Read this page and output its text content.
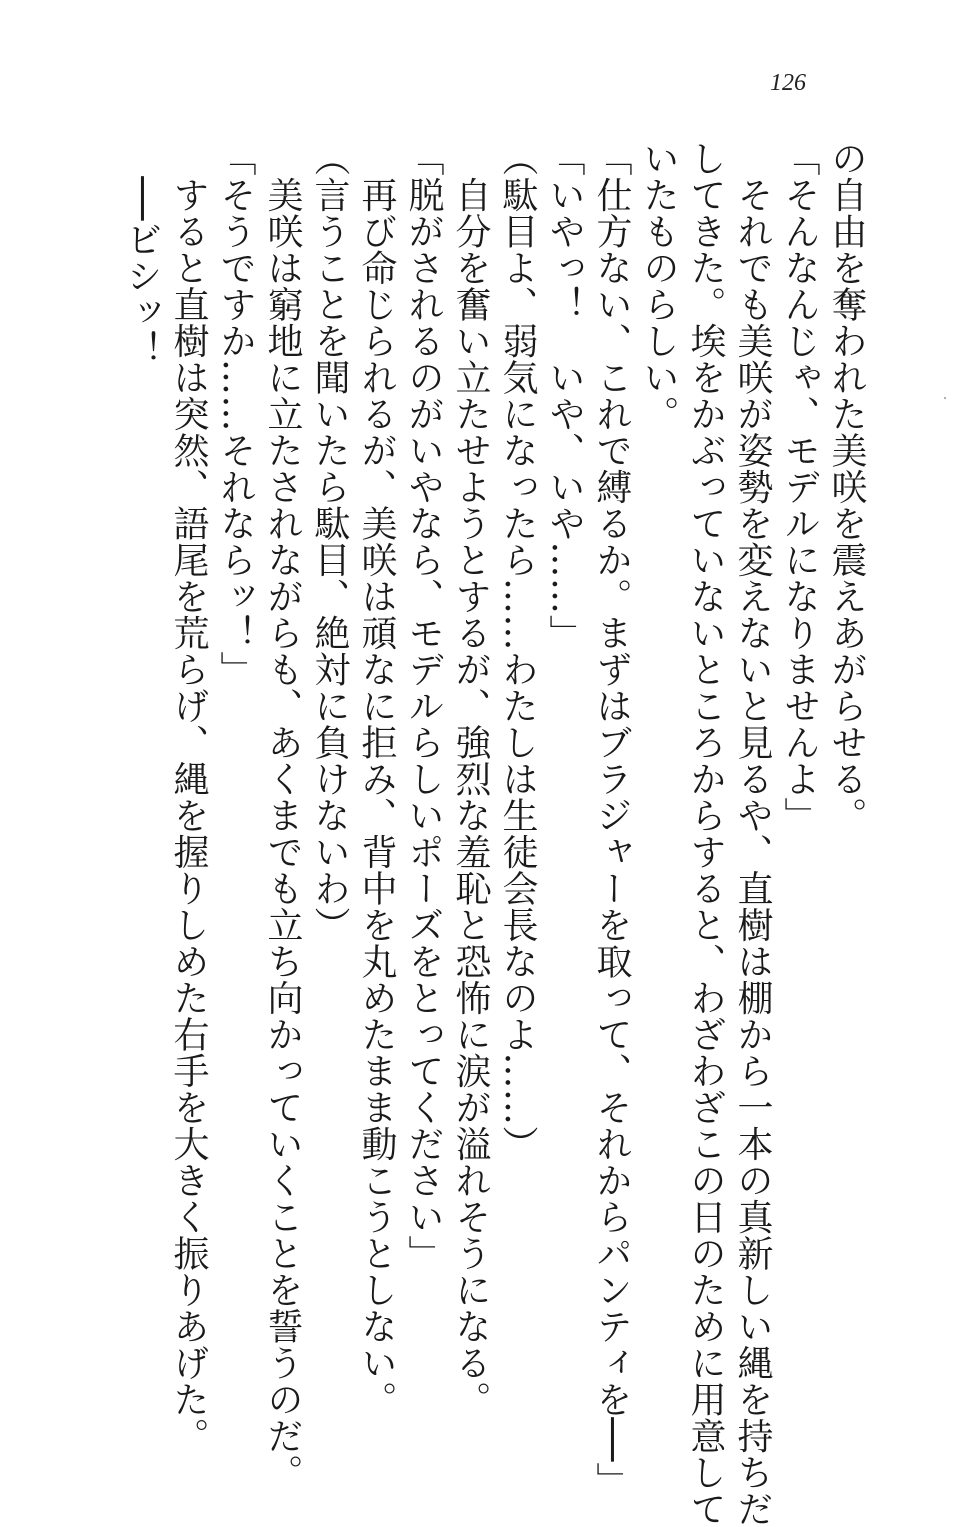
126

の自由を奪われた美咲を震えあがらせる。

「そんなんじゃ、モデルになりませんよ」

　それでも美咲が姿勢を変えないと見るや、直樹は棚から一本の真新しい縄を持ちだ

してきた。埃をかぶっていないところからすると、わざわざこの日のために用意して

いたものらしい。

「仕方ない、これで縛るか。まずはブラジャーを取って、それからパンティを──」

「いやっ！　いや、いや……」

（駄目よ、弱気になったら……わたしは生徒会長なのよ……）

　自分を奮い立たせようとするが、強烈な羞恥と恐怖に涙が溢れそうになる。

「脱がされるのがいやなら、モデルらしいポーズをとってください」

　再び命じられるが、美咲は頑なに拒み、背中を丸めたまま動こうとしない。

（言うことを聞いたら駄目、絶対に負けないわ）

　美咲は窮地に立たされながらも、あくまでも立ち向かっていくことを誓うのだ。

「そうですか……それならッ！」

　すると直樹は突然、語尾を荒らげ、縄を握りしめた右手を大きく振りあげた。

　──ビシッ！
